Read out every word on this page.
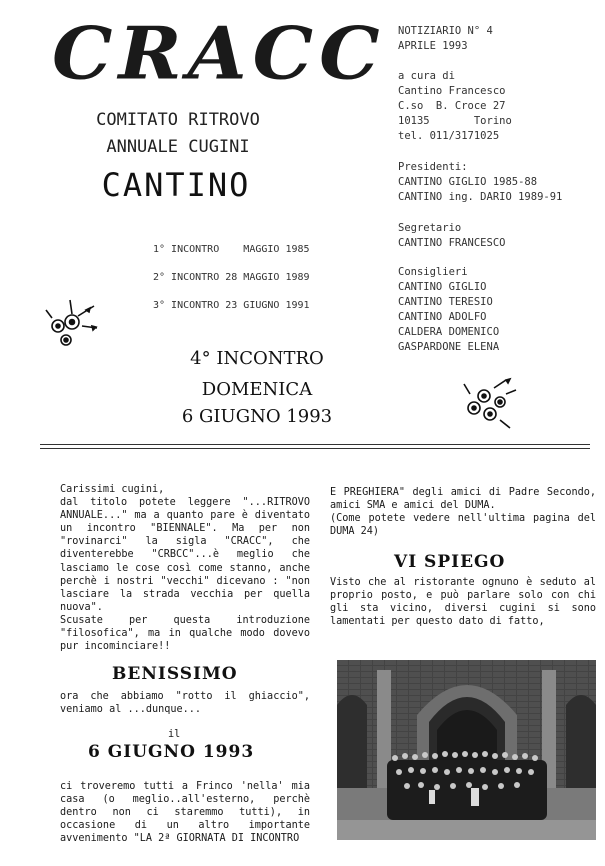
CRACC
COMITATO RITROVO
ANNUALE CUGINI
CANTINO
1° INCONTRO    MAGGIO 1985
2° INCONTRO 28 MAGGIO 1989
3° INCONTRO 23 GIUGNO 1991
4° INCONTRO
DOMENICA
6 GIUGNO 1993
NOTIZIARIO N° 4
APRILE 1993
a cura di
Cantino Francesco
C.so  B. Croce 27
10135       Torino
tel. 011/3171025
Presidenti:
CANTINO GIGLIO 1985-88
CANTINO ing. DARIO 1989-91
Segretario
CANTINO FRANCESCO
Consiglieri
CANTINO GIGLIO
CANTINO TERESIO
CANTINO ADOLFO
CALDERA DOMENICO
GASPARDONE ELENA

Carissimi cugini,
dal titolo potete leggere "...RITROVO ANNUALE..." ma a quanto pare è diventato un incontro "BIENNALE". Ma per non "rovinarci" la sigla "CRACC", che diventerebbe "CRBCC"...è meglio che lasciamo le cose così come stanno, anche perchè i nostri "vecchi" dicevano : "non lasciare la strada vecchia per quella nuova".
Scusate per questa introduzione "filosofica", ma in qualche modo dovevo pur incominciare!!

BENISSIMO
ora che abbiamo "rotto il ghiaccio", veniamo al ...dunque...
il
6 GIUGNO 1993
ci troveremo tutti a Frinco 'nella' mia casa (o meglio..all'esterno, perchè dentro non ci staremmo tutti), in occasione di un altro importante avvenimento "LA 2ª GIORNATA DI INCONTRO
E PREGHIERA" degli amici di Padre Secondo, amici SMA e amici del DUMA.
(Come potete vedere nell'ultima pagina del DUMA 24)
VI SPIEGO
Visto che al ristorante ognuno è seduto al proprio posto, e può parlare solo con chi gli sta vicino, diversi cugini si sono lamentati per questo dato di fatto,
